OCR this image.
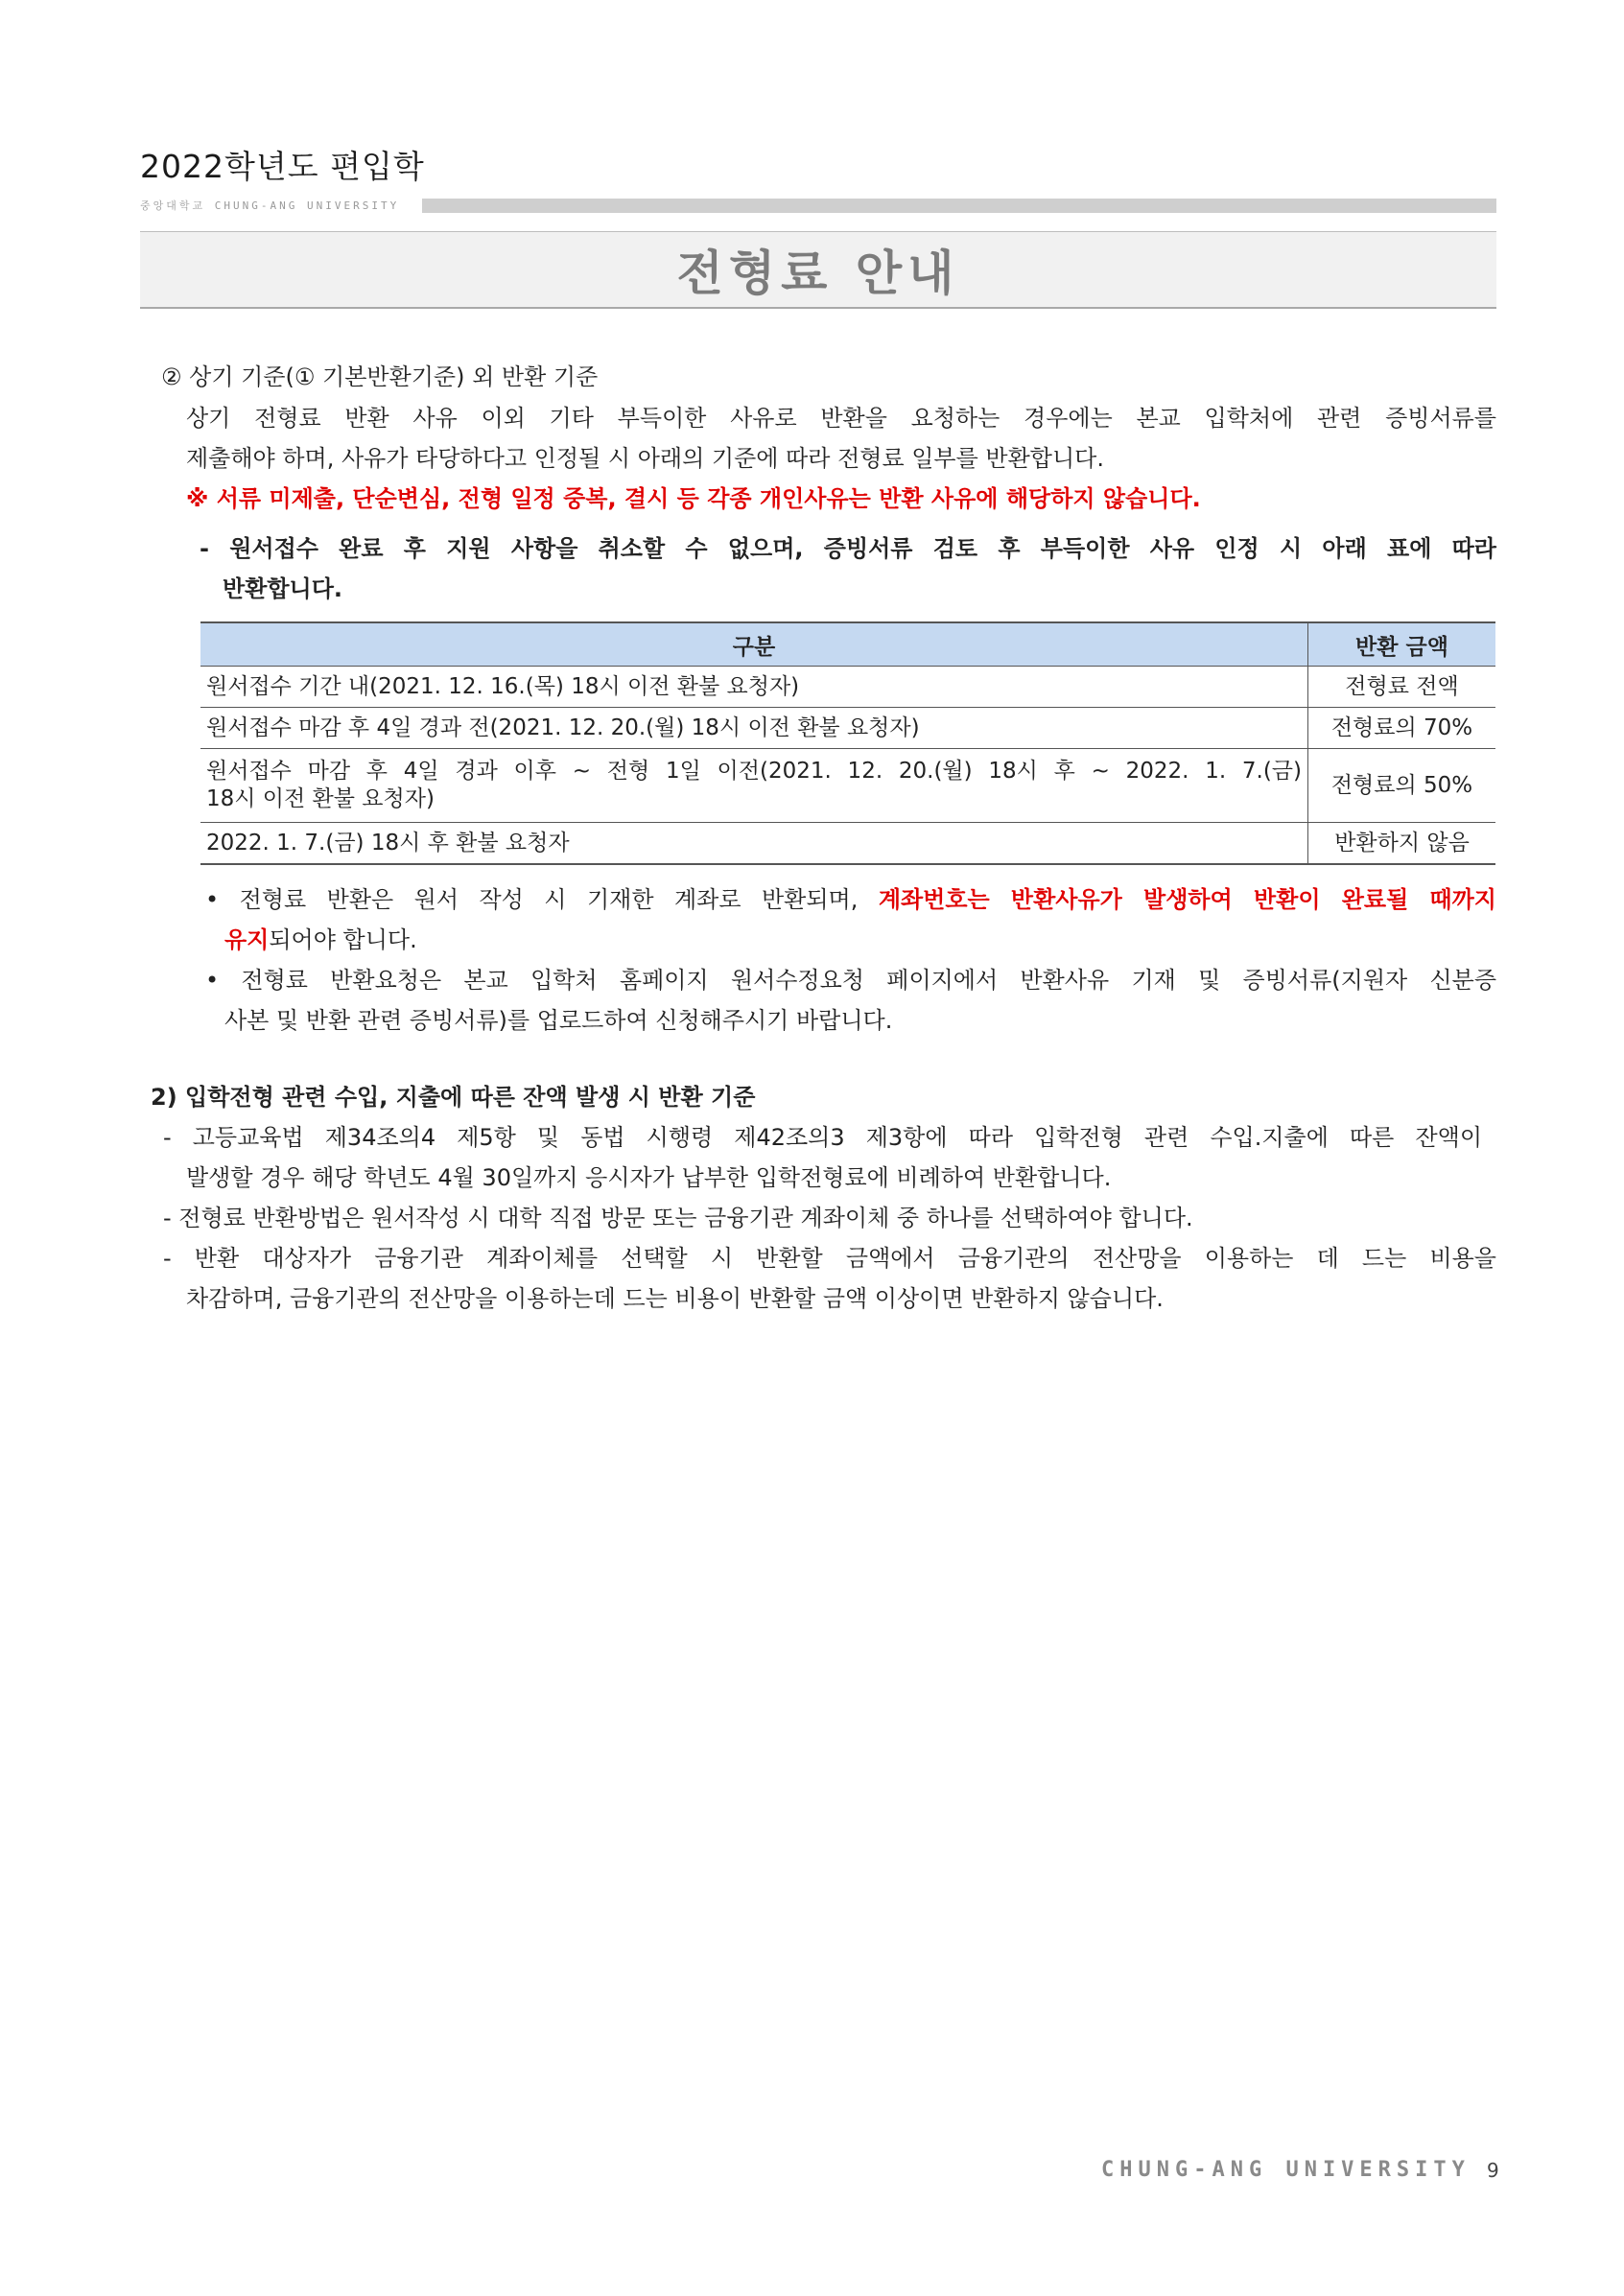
2022학년도 편입학
중앙대학교 CHUNG-ANG UNIVERSITY
전형료 안내
② 상기 기준(① 기본반환기준) 외 반환 기준
상기 전형료 반환 사유 이외 기타 부득이한 사유로 반환을 요청하는 경우에는 본교 입학처에 관련 증빙서류를
제출해야 하며, 사유가 타당하다고 인정될 시 아래의 기준에 따라 전형료 일부를 반환합니다.
※ 서류 미제출, 단순변심, 전형 일정 중복, 결시 등 각종 개인사유는 반환 사유에 해당하지 않습니다.
- 원서접수 완료 후 지원 사항을 취소할 수 없으며, 증빙서류 검토 후 부득이한 사유 인정 시 아래 표에 따라
반환합니다.
구분	반환 금액
원서접수 기간 내(2021. 12. 16.(목) 18시 이전 환불 요청자)	전형료 전액
원서접수 마감 후 4일 경과 전(2021. 12. 20.(월) 18시 이전 환불 요청자)	전형료의 70%

원서접수 마감 후 4일 경과 이후 ~ 전형 1일 이전(2021. 12. 20.(월) 18시 후 ~ 2022. 1. 7.(금)
18시 이전 환불 요청자)	전형료의 50%
2022. 1. 7.(금) 18시 후 환불 요청자	반환하지 않음
• 전형료 반환은 원서 작성 시 기재한 계좌로 반환되며, 계좌번호는 반환사유가 발생하여 반환이 완료될 때까지
유지되어야 합니다.
• 전형료 반환요청은 본교 입학처 홈페이지 원서수정요청 페이지에서 반환사유 기재 및 증빙서류(지원자 신분증
사본 및 반환 관련 증빙서류)를 업로드하여 신청해주시기 바랍니다.
2) 입학전형 관련 수입, 지출에 따른 잔액 발생 시 반환 기준
- 고등교육법 제34조의4 제5항 및 동법 시행령 제42조의3 제3항에 따라 입학전형 관련 수입.지출에 따른 잔액이
발생할 경우 해당 학년도 4월 30일까지 응시자가 납부한 입학전형료에 비례하여 반환합니다.
- 전형료 반환방법은 원서작성 시 대학 직접 방문 또는 금융기관 계좌이체 중 하나를 선택하여야 합니다.
- 반환 대상자가 금융기관 계좌이체를 선택할 시 반환할 금액에서 금융기관의 전산망을 이용하는 데 드는 비용을
차감하며, 금융기관의 전산망을 이용하는데 드는 비용이 반환할 금액 이상이면 반환하지 않습니다.
CHUNG-ANG UNIVERSITY 9
